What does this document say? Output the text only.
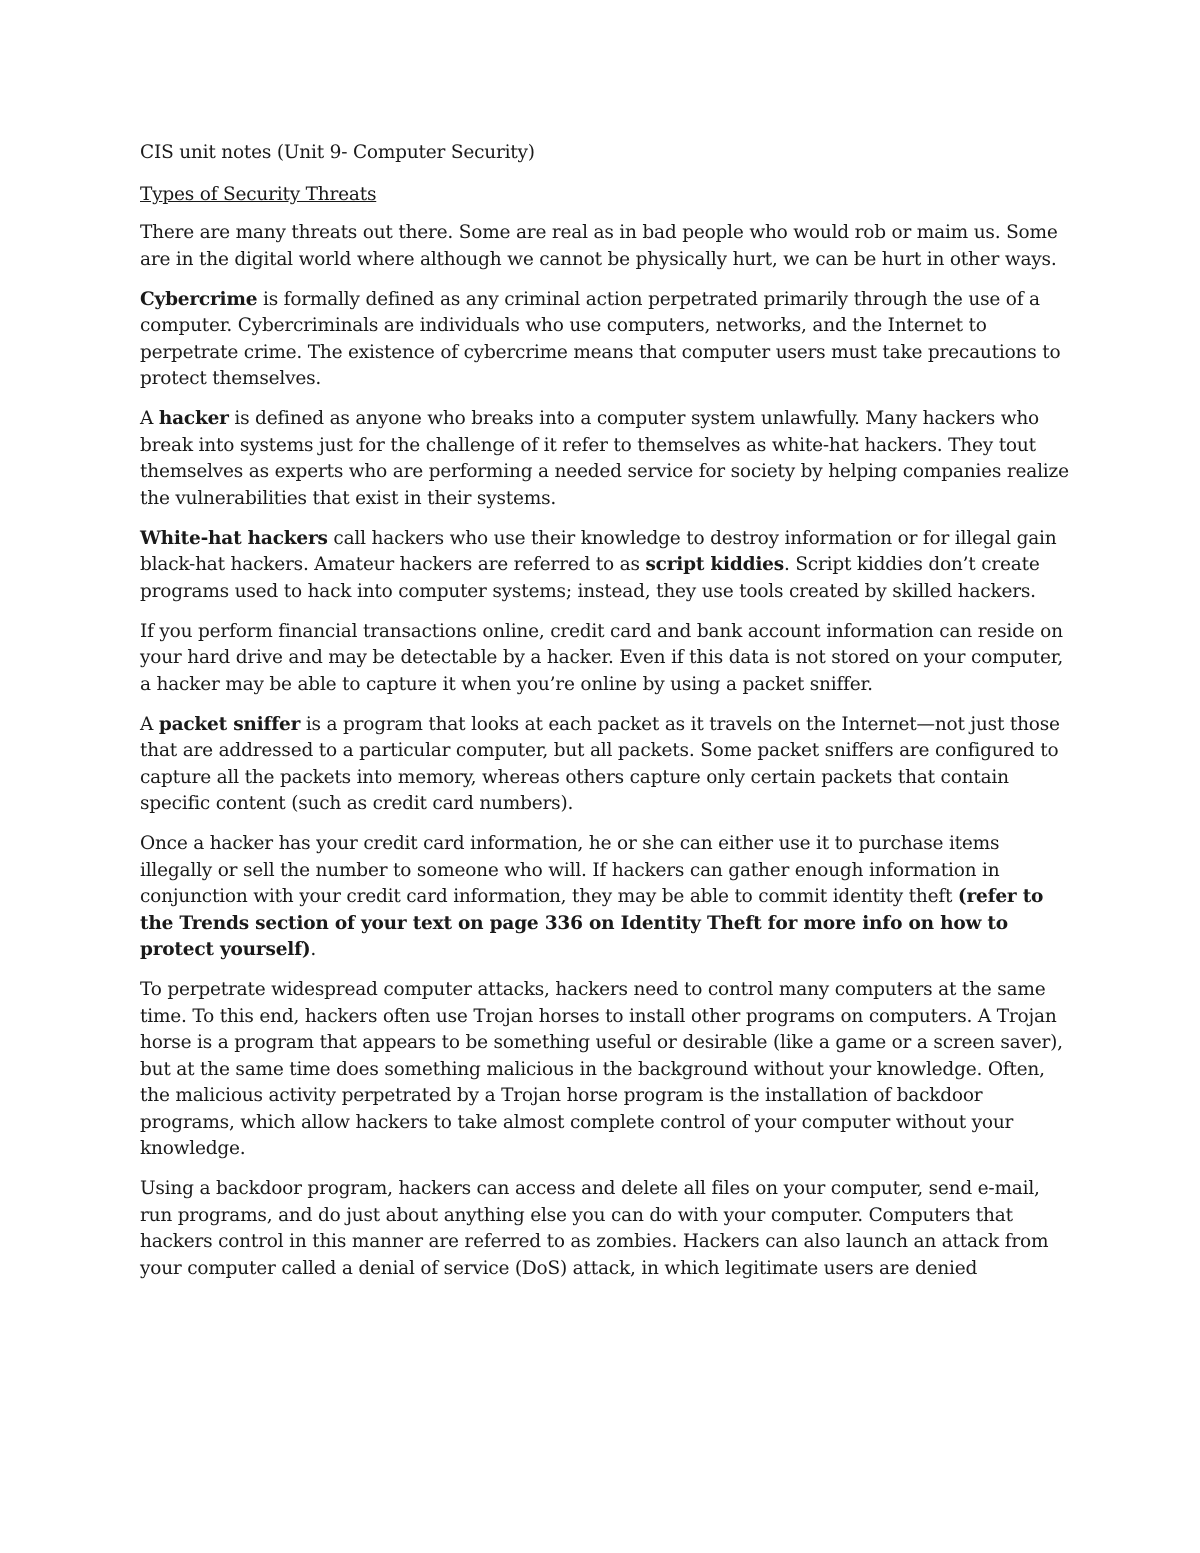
CIS unit notes (Unit 9- Computer Security)

Types of Security Threats

There are many threats out there. Some are real as in bad people who would rob or maim us. Some are in the digital world where although we cannot be physically hurt, we can be hurt in other ways.

Cybercrime is formally defined as any criminal action perpetrated primarily through the use of a computer. Cybercriminals are individuals who use computers, networks, and the Internet to perpetrate crime. The existence of cybercrime means that computer users must take precautions to protect themselves.

A hacker is defined as anyone who breaks into a computer system unlawfully. Many hackers who break into systems just for the challenge of it refer to themselves as white-hat hackers. They tout themselves as experts who are performing a needed service for society by helping companies realize the vulnerabilities that exist in their systems.

White-hat hackers call hackers who use their knowledge to destroy information or for illegal gain black-hat hackers. Amateur hackers are referred to as script kiddies. Script kiddies don’t create programs used to hack into computer systems; instead, they use tools created by skilled hackers.

If you perform financial transactions online, credit card and bank account information can reside on your hard drive and may be detectable by a hacker. Even if this data is not stored on your computer, a hacker may be able to capture it when you’re online by using a packet sniffer.

A packet sniffer is a program that looks at each packet as it travels on the Internet—not just those that are addressed to a particular computer, but all packets. Some packet sniffers are configured to capture all the packets into memory, whereas others capture only certain packets that contain specific content (such as credit card numbers).

Once a hacker has your credit card information, he or she can either use it to purchase items illegally or sell the number to someone who will. If hackers can gather enough information in conjunction with your credit card information, they may be able to commit identity theft (refer to the Trends section of your text on page 336 on Identity Theft for more info on how to protect yourself).

To perpetrate widespread computer attacks, hackers need to control many computers at the same time. To this end, hackers often use Trojan horses to install other programs on computers. A Trojan horse is a program that appears to be something useful or desirable (like a game or a screen saver), but at the same time does something malicious in the background without your knowledge. Often, the malicious activity perpetrated by a Trojan horse program is the installation of backdoor programs, which allow hackers to take almost complete control of your computer without your knowledge.

Using a backdoor program, hackers can access and delete all files on your computer, send e-mail, run programs, and do just about anything else you can do with your computer. Computers that hackers control in this manner are referred to as zombies. Hackers can also launch an attack from your computer called a denial of service (DoS) attack, in which legitimate users are denied
